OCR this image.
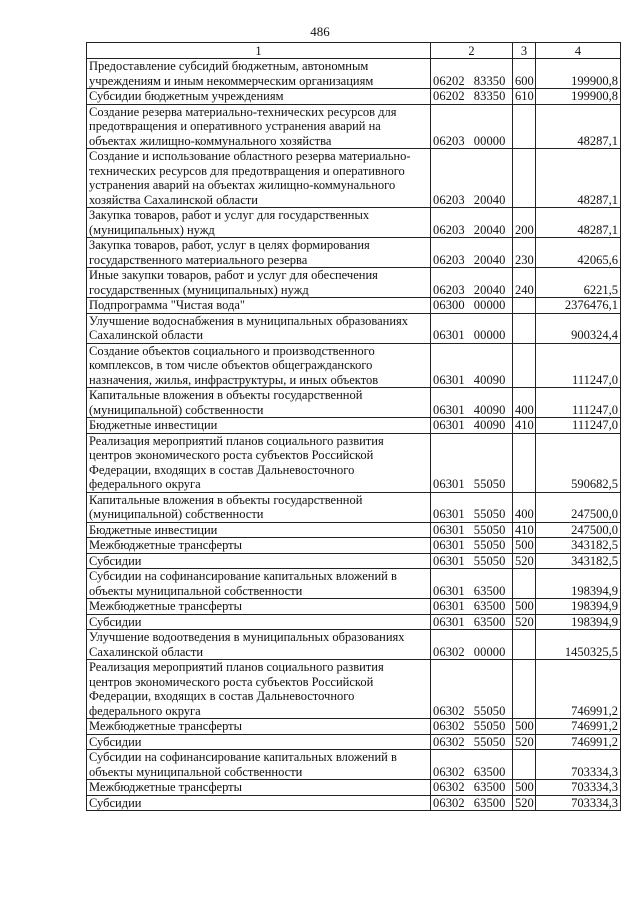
486
1	2	3	4
Предоставление субсидий бюджетным, автономным учреждениям и иным некоммерческим организациям	06202 83350	600	199900,8
Субсидии бюджетным учреждениям	06202 83350	610	199900,8
Создание резерва материально-технических ресурсов для предотвращения и оперативного устранения аварий на объектах жилищно-коммунального хозяйства	06203 00000		48287,1
Создание и использование областного резерва материально-технических ресурсов для предотвращения и оперативного устранения аварий на объектах жилищно-коммунального хозяйства Сахалинской области	06203 20040		48287,1
Закупка товаров, работ и услуг для государственных (муниципальных) нужд	06203 20040	200	48287,1
Закупка товаров, работ, услуг в целях формирования государственного материального резерва	06203 20040	230	42065,6
Иные закупки товаров, работ и услуг для обеспечения государственных (муниципальных) нужд	06203 20040	240	6221,5
Подпрограмма "Чистая вода"	06300 00000		2376476,1
Улучшение водоснабжения в муниципальных образованиях Сахалинской области	06301 00000		900324,4
Создание объектов социального и производственного комплексов, в том числе объектов общегражданского назначения, жилья, инфраструктуры, и иных объектов	06301 40090		111247,0
Капитальные вложения в объекты государственной (муниципальной) собственности	06301 40090	400	111247,0
Бюджетные инвестиции	06301 40090	410	111247,0
Реализация мероприятий планов социального развития центров экономического роста субъектов Российской Федерации, входящих в состав Дальневосточного федерального округа	06301 55050		590682,5
Капитальные вложения в объекты государственной (муниципальной) собственности	06301 55050	400	247500,0
Бюджетные инвестиции	06301 55050	410	247500,0
Межбюджетные трансферты	06301 55050	500	343182,5
Субсидии	06301 55050	520	343182,5
Субсидии на софинансирование капитальных вложений в объекты муниципальной собственности	06301 63500		198394,9
Межбюджетные трансферты	06301 63500	500	198394,9
Субсидии	06301 63500	520	198394,9
Улучшение водоотведения в муниципальных образованиях Сахалинской области	06302 00000		1450325,5
Реализация мероприятий планов социального развития центров экономического роста субъектов Российской Федерации, входящих в состав Дальневосточного федерального округа	06302 55050		746991,2
Межбюджетные трансферты	06302 55050	500	746991,2
Субсидии	06302 55050	520	746991,2
Субсидии на софинансирование капитальных вложений в объекты муниципальной собственности	06302 63500		703334,3
Межбюджетные трансферты	06302 63500	500	703334,3
Субсидии	06302 63500	520	703334,3
